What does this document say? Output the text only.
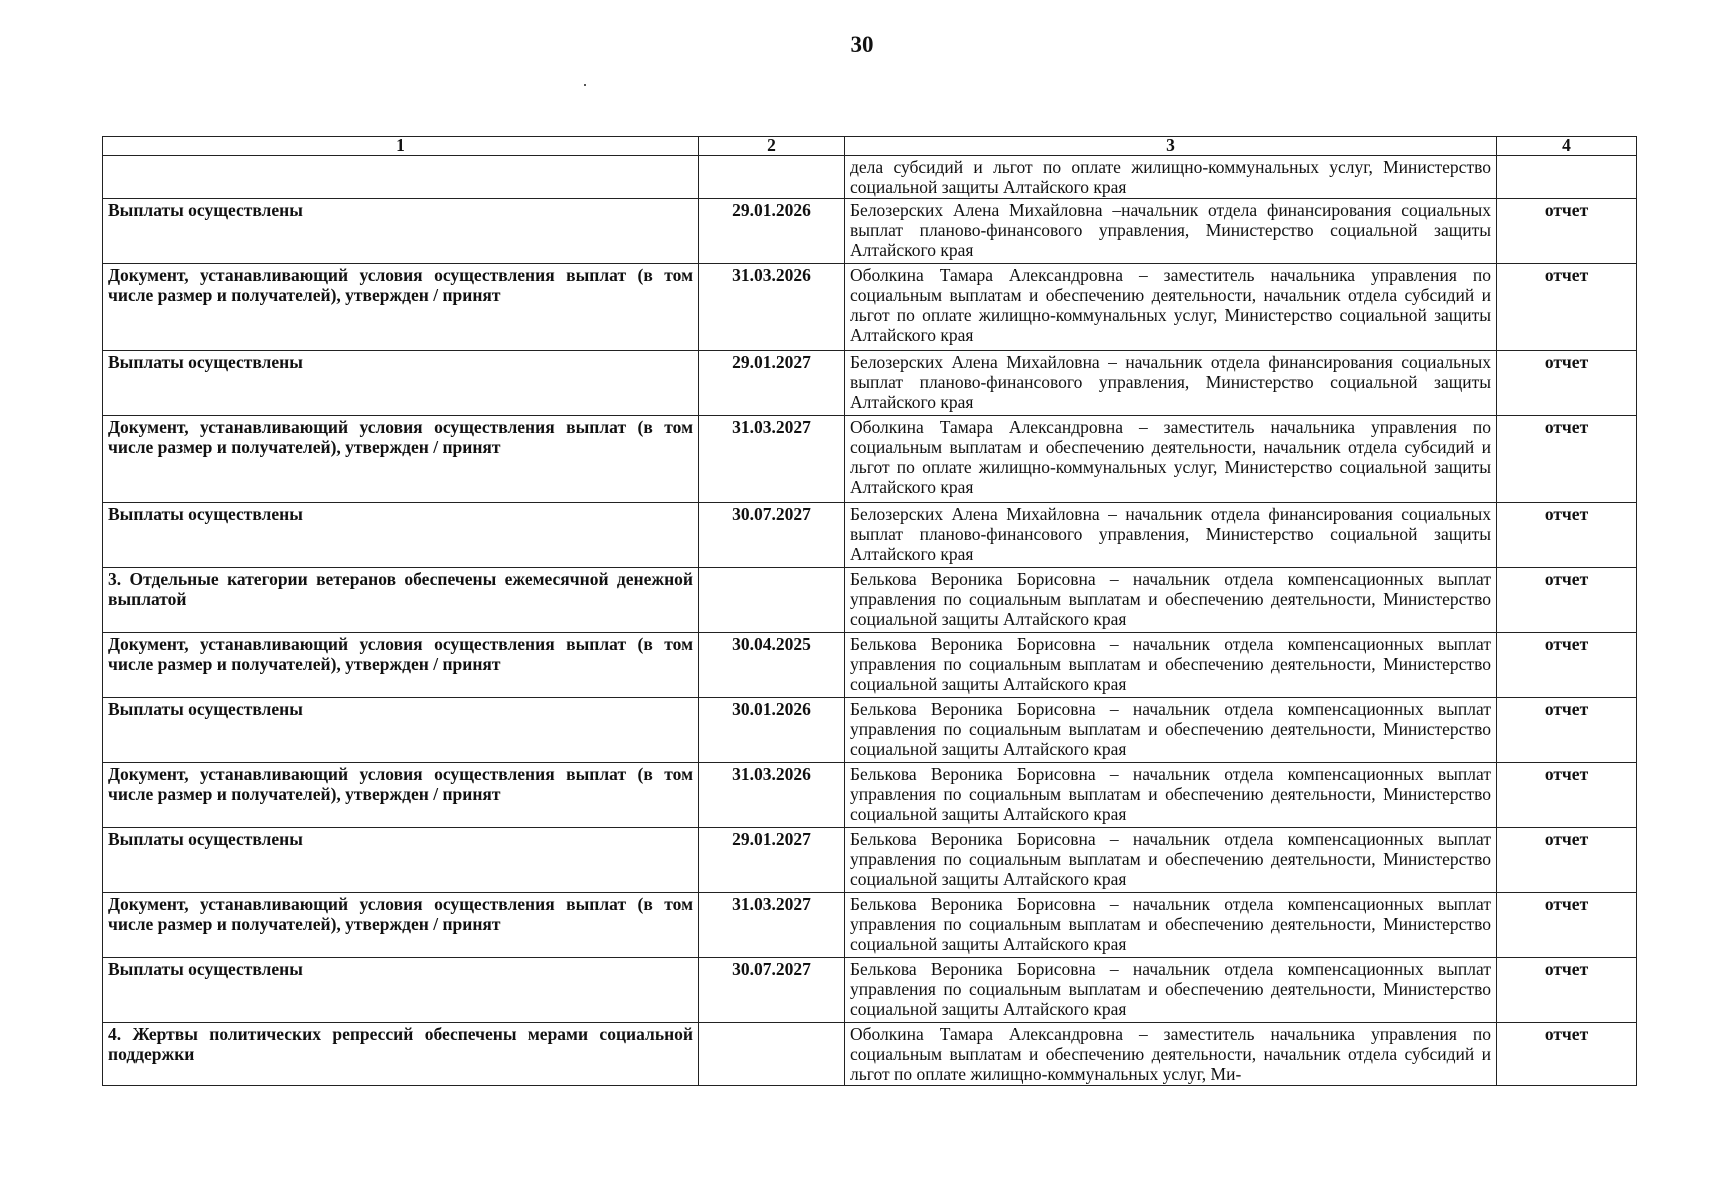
30
1	2	3	4
		дела субсидий и льгот по оплате жилищно-коммунальных услуг, Министерство социальной защиты Алтайского края	
Выплаты осуществлены	29.01.2026	Белозерских Алена Михайловна –начальник отдела финансирования социальных выплат планово-финансового управления, Министерство социальной защиты Алтайского края	отчет
Документ, устанавливающий условия осуществления выплат (в том числе размер и получателей), утвержден / принят	31.03.2026	Оболкина Тамара Александровна – заместитель начальника управления по социальным выплатам и обеспечению деятельности, начальник отдела субсидий и льгот по оплате жилищно-коммунальных услуг, Министерство социальной защиты Алтайского края	отчет
Выплаты осуществлены	29.01.2027	Белозерских Алена Михайловна – начальник отдела финансирования социальных выплат планово-финансового управления, Министерство социальной защиты Алтайского края	отчет
Документ, устанавливающий условия осуществления выплат (в том числе размер и получателей), утвержден / принят	31.03.2027	Оболкина Тамара Александровна – заместитель начальника управления по социальным выплатам и обеспечению деятельности, начальник отдела субсидий и льгот по оплате жилищно-коммунальных услуг, Министерство социальной защиты Алтайского края	отчет
Выплаты осуществлены	30.07.2027	Белозерских Алена Михайловна – начальник отдела финансирования социальных выплат планово-финансового управления, Министерство социальной защиты Алтайского края	отчет
3. Отдельные категории ветеранов обеспечены ежемесячной денежной выплатой		Белькова Вероника Борисовна – начальник отдела компенсационных выплат управления по социальным выплатам и обеспечению деятельности, Министерство социальной защиты Алтайского края	отчет
Документ, устанавливающий условия осуществления выплат (в том числе размер и получателей), утвержден / принят	30.04.2025	Белькова Вероника Борисовна – начальник отдела компенсационных выплат управления по социальным выплатам и обеспечению деятельности, Министерство социальной защиты Алтайского края	отчет
Выплаты осуществлены	30.01.2026	Белькова Вероника Борисовна – начальник отдела компенсационных выплат управления по социальным выплатам и обеспечению деятельности, Министерство социальной защиты Алтайского края	отчет
Документ, устанавливающий условия осуществления выплат (в том числе размер и получателей), утвержден / принят	31.03.2026	Белькова Вероника Борисовна – начальник отдела компенсационных выплат управления по социальным выплатам и обеспечению деятельности, Министерство социальной защиты Алтайского края	отчет
Выплаты осуществлены	29.01.2027	Белькова Вероника Борисовна – начальник отдела компенсационных выплат управления по социальным выплатам и обеспечению деятельности, Министерство социальной защиты Алтайского края	отчет
Документ, устанавливающий условия осуществления выплат (в том числе размер и получателей), утвержден / принят	31.03.2027	Белькова Вероника Борисовна – начальник отдела компенсационных выплат управления по социальным выплатам и обеспечению деятельности, Министерство социальной защиты Алтайского края	отчет
Выплаты осуществлены	30.07.2027	Белькова Вероника Борисовна – начальник отдела компенсационных выплат управления по социальным выплатам и обеспечению деятельности, Министерство социальной защиты Алтайского края	отчет
4. Жертвы политических репрессий обеспечены мерами социальной поддержки		Оболкина Тамара Александровна – заместитель начальника управления по социальным выплатам и обеспечению деятельности, начальник отдела субсидий и льгот по оплате жилищно-коммунальных услуг, Ми-	отчет
